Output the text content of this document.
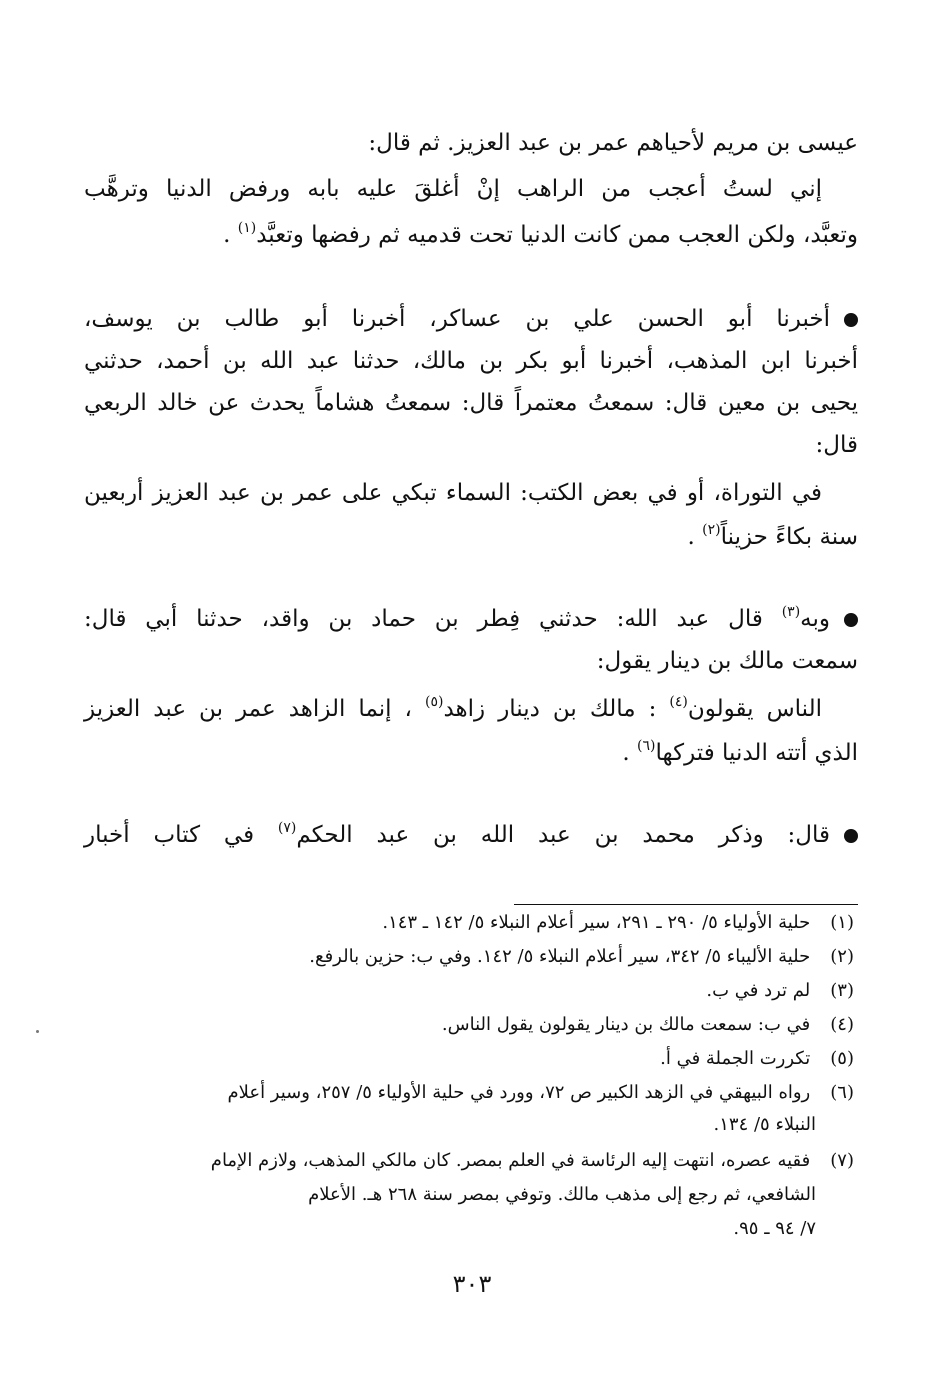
عيسى بن مريم لأحياهم عمر بن عبد العزيز. ثم قال:
إني لستُ أعجب من الراهب إنْ أغلقَ عليه بابه ورفض الدنيا وترهَّب
وتعبَّد، ولكن العجب ممن كانت الدنيا تحت قدميه ثم رفضها وتعبَّد$^{(١)}$ .
أخبرنا أبو الحسن علي بن عساكر، أخبرنا أبو طالب بن يوسف،
أخبرنا ابن المذهب، أخبرنا أبو بكر بن مالك، حدثنا عبد الله بن أحمد، حدثني
يحيى بن معين قال: سمعتُ معتمراً قال: سمعتُ هشاماً يحدث عن خالد الربعي
قال:
في التوراة، أو في بعض الكتب: السماء تبكي على عمر بن عبد العزيز أربعين
سنة بكاءً حزيناً$^{(٢)}$ .
وبه$^{(٣)}$ قال عبد الله: حدثني فِطر بن حماد بن واقد، حدثنا أبي قال:
سمعت مالك بن دينار يقول:
الناس يقولون$^{(٤)}$ : مالك بن دينار زاهد$^{(٥)}$ ، إنما الزاهد عمر بن عبد العزيز
الذي أتته الدنيا فتركها$^{(٦)}$ .
قال: وذكر محمد بن عبد الله بن عبد الحكم$^{(٧)}$ في كتاب أخبار
(١) حلية الأولياء ٥/ ٢٩٠ ـ ٢٩١، سير أعلام النبلاء ٥/ ١٤٢ ـ ١٤٣.
(٢) حلية الأليباء ٥/ ٣٤٢، سير أعلام النبلاء ٥/ ١٤٢. وفي ب: حزين بالرفع.
(٣) لم ترد في ب.
(٤) في ب: سمعت مالك بن دينار يقولون يقول الناس.
(٥) تكررت الجملة في أ.
(٦) رواه البيهقي في الزهد الكبير ص ٧٢، وورد في حلية الأولياء ٥/ ٢٥٧، وسير أعلام
النبلاء ٥/ ١٣٤.
(٧) فقيه عصره، انتهت إليه الرئاسة في العلم بمصر. كان مالكي المذهب، ولازم الإمام
الشافعي، ثم رجع إلى مذهب مالك. وتوفي بمصر سنة ٢٦٨ هـ. الأعلام
٧/ ٩٤ ـ ٩٥.
٣٠٣
